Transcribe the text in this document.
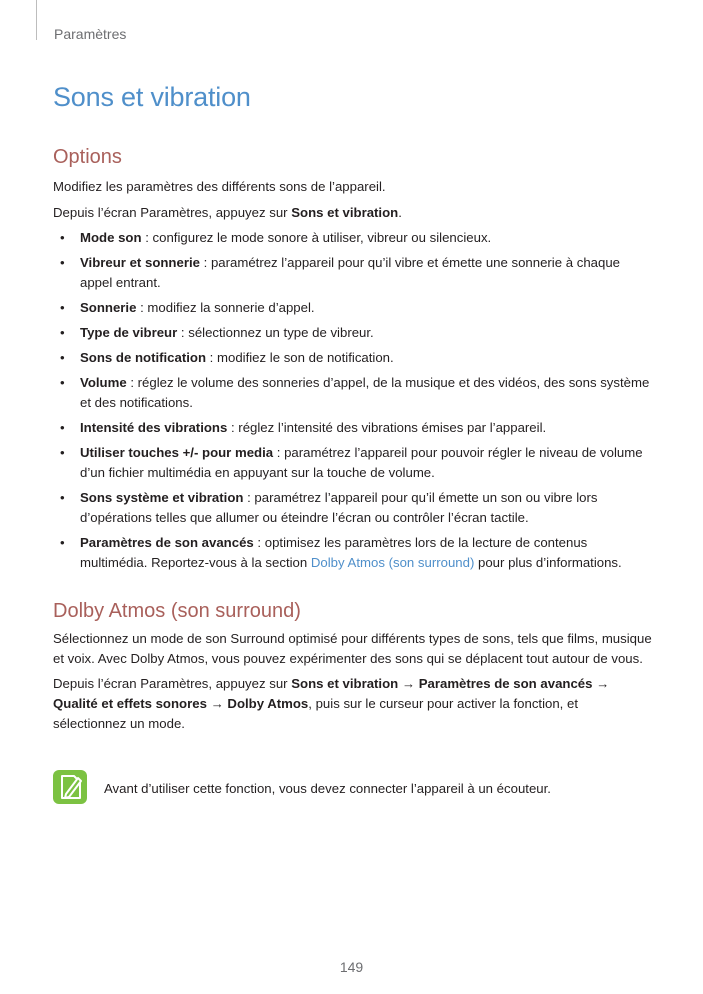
Paramètres
Sons et vibration
Options

Modifiez les paramètres des différents sons de l’appareil.

Depuis l’écran Paramètres, appuyez sur Sons et vibration.

• Mode son : configurez le mode sonore à utiliser, vibreur ou silencieux.
• Vibreur et sonnerie : paramétrez l’appareil pour qu’il vibre et émette une sonnerie à chaque appel entrant.
• Sonnerie : modifiez la sonnerie d’appel.
• Type de vibreur : sélectionnez un type de vibreur.
• Sons de notification : modifiez le son de notification.
• Volume : réglez le volume des sonneries d’appel, de la musique et des vidéos, des sons système et des notifications.
• Intensité des vibrations : réglez l’intensité des vibrations émises par l’appareil.
• Utiliser touches +/- pour media : paramétrez l’appareil pour pouvoir régler le niveau de volume d’un fichier multimédia en appuyant sur la touche de volume.
• Sons système et vibration : paramétrez l’appareil pour qu’il émette un son ou vibre lors d’opérations telles que allumer ou éteindre l’écran ou contrôler l’écran tactile.
• Paramètres de son avancés : optimisez les paramètres lors de la lecture de contenus multimédia. Reportez-vous à la section Dolby Atmos (son surround) pour plus d’informations.
Dolby Atmos (son surround)

Sélectionnez un mode de son Surround optimisé pour différents types de sons, tels que films, musique et voix. Avec Dolby Atmos, vous pouvez expérimenter des sons qui se déplacent tout autour de vous.

Depuis l’écran Paramètres, appuyez sur Sons et vibration → Paramètres de son avancés → Qualité et effets sonores → Dolby Atmos, puis sur le curseur pour activer la fonction, et sélectionnez un mode.

Avant d’utiliser cette fonction, vous devez connecter l’appareil à un écouteur.
149
